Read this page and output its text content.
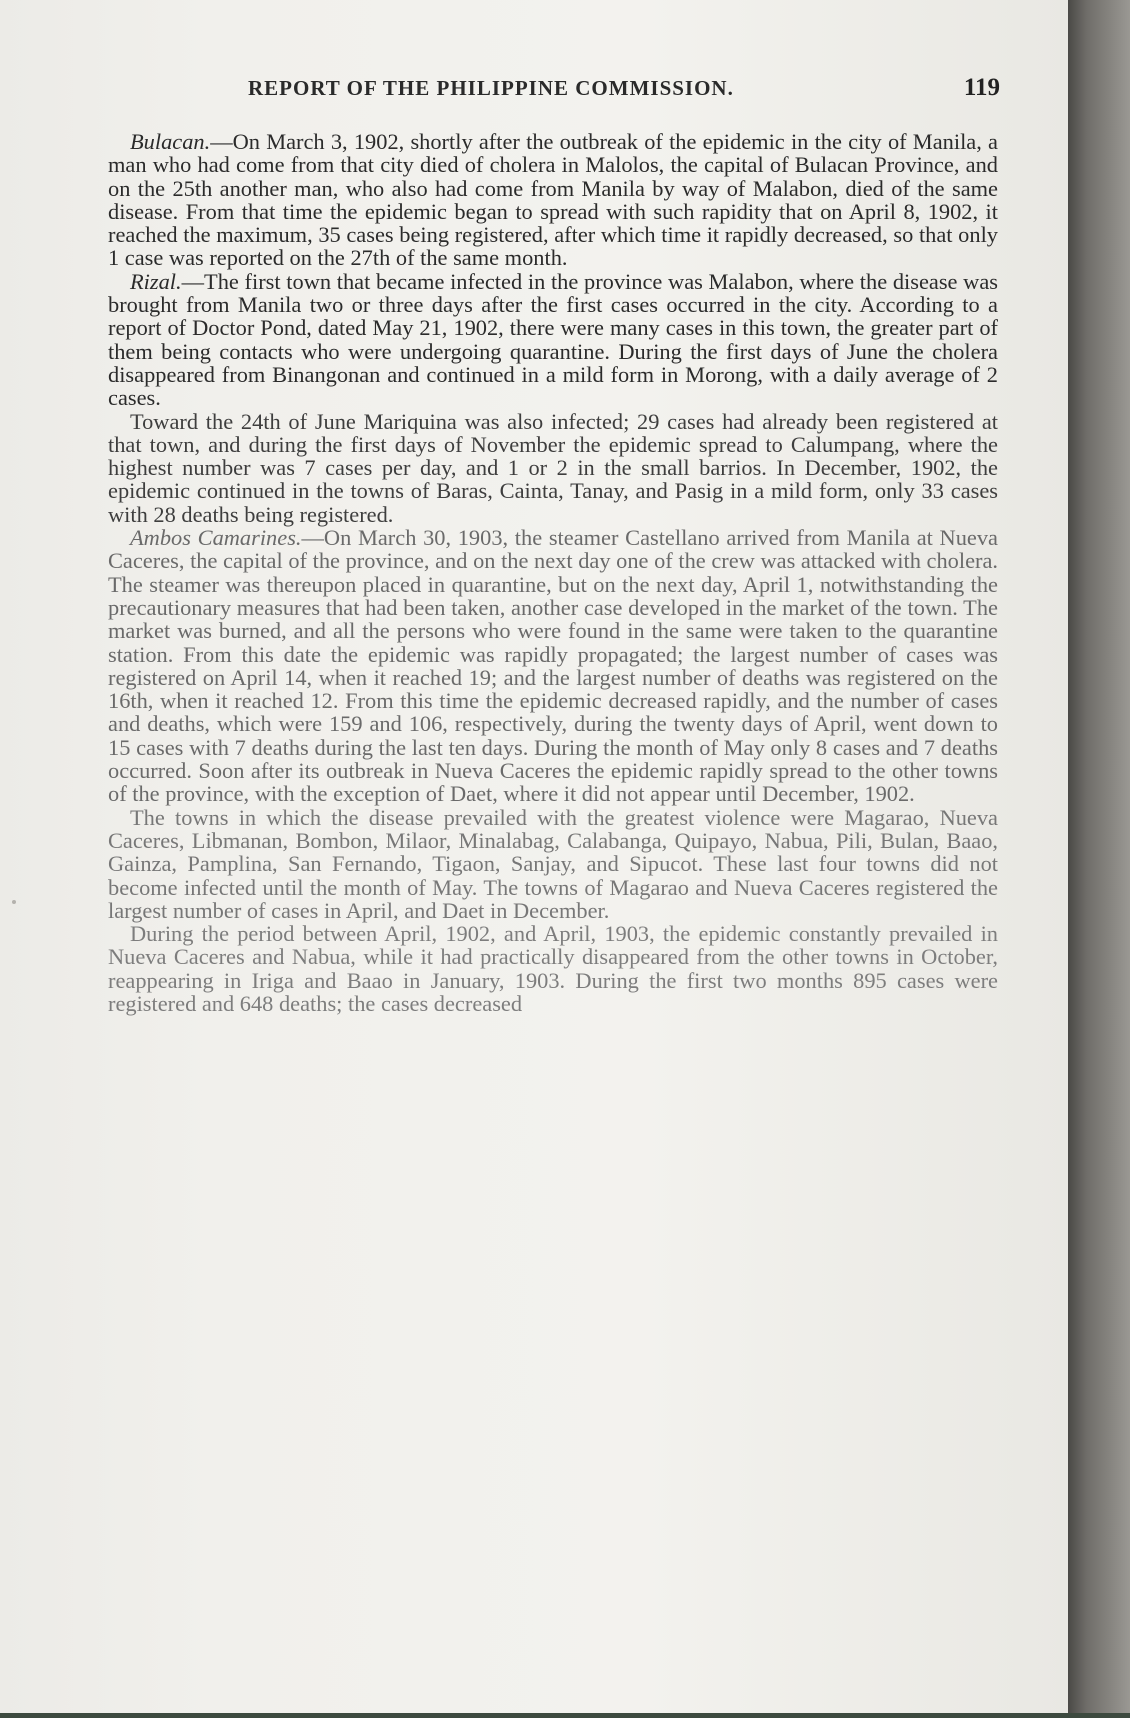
REPORT OF THE PHILIPPINE COMMISSION.	119

Bulacan.—On March 3, 1902, shortly after the outbreak of the epidemic in the city of Manila, a man who had come from that city died of cholera in Malolos, the capital of Bulacan Province, and on the 25th another man, who also had come from Manila by way of Malabon, died of the same disease. From that time the epidemic began to spread with such rapidity that on April 8, 1902, it reached the maximum, 35 cases being registered, after which time it rapidly decreased, so that only 1 case was reported on the 27th of the same month.

Rizal.—The first town that became infected in the province was Malabon, where the disease was brought from Manila two or three days after the first cases occurred in the city. According to a report of Doctor Pond, dated May 21, 1902, there were many cases in this town, the greater part of them being contacts who were undergoing quarantine. During the first days of June the cholera disappeared from Binangonan and continued in a mild form in Morong, with a daily average of 2 cases.

Toward the 24th of June Mariquina was also infected; 29 cases had already been registered at that town, and during the first days of November the epidemic spread to Calumpang, where the highest number was 7 cases per day, and 1 or 2 in the small barrios. In December, 1902, the epidemic continued in the towns of Baras, Cainta, Tanay, and Pasig in a mild form, only 33 cases with 28 deaths being registered.

Ambos Camarines.—On March 30, 1903, the steamer Castellano arrived from Manila at Nueva Caceres, the capital of the province, and on the next day one of the crew was attacked with cholera. The steamer was thereupon placed in quarantine, but on the next day, April 1, notwithstanding the precautionary measures that had been taken, another case developed in the market of the town. The market was burned, and all the persons who were found in the same were taken to the quarantine station. From this date the epidemic was rapidly propagated; the largest number of cases was registered on April 14, when it reached 19; and the largest number of deaths was registered on the 16th, when it reached 12. From this time the epidemic decreased rapidly, and the number of cases and deaths, which were 159 and 106, respectively, during the twenty days of April, went down to 15 cases with 7 deaths during the last ten days. During the month of May only 8 cases and 7 deaths occurred. Soon after its outbreak in Nueva Caceres the epidemic rapidly spread to the other towns of the province, with the exception of Daet, where it did not appear until December, 1902.

The towns in which the disease prevailed with the greatest violence were Magarao, Nueva Caceres, Libmanan, Bombon, Milaor, Minalabag, Calabanga, Quipayo, Nabua, Pili, Bulan, Baao, Gainza, Pamplina, San Fernando, Tigaon, Sanjay, and Sipucot. These last four towns did not become infected until the month of May. The towns of Magarao and Nueva Caceres registered the largest number of cases in April, and Daet in December.

During the period between April, 1902, and April, 1903, the epidemic constantly prevailed in Nueva Caceres and Nabua, while it had practically disappeared from the other towns in October, reappearing in Iriga and Baao in January, 1903. During the first two months 895 cases were registered and 648 deaths; the cases decreased
